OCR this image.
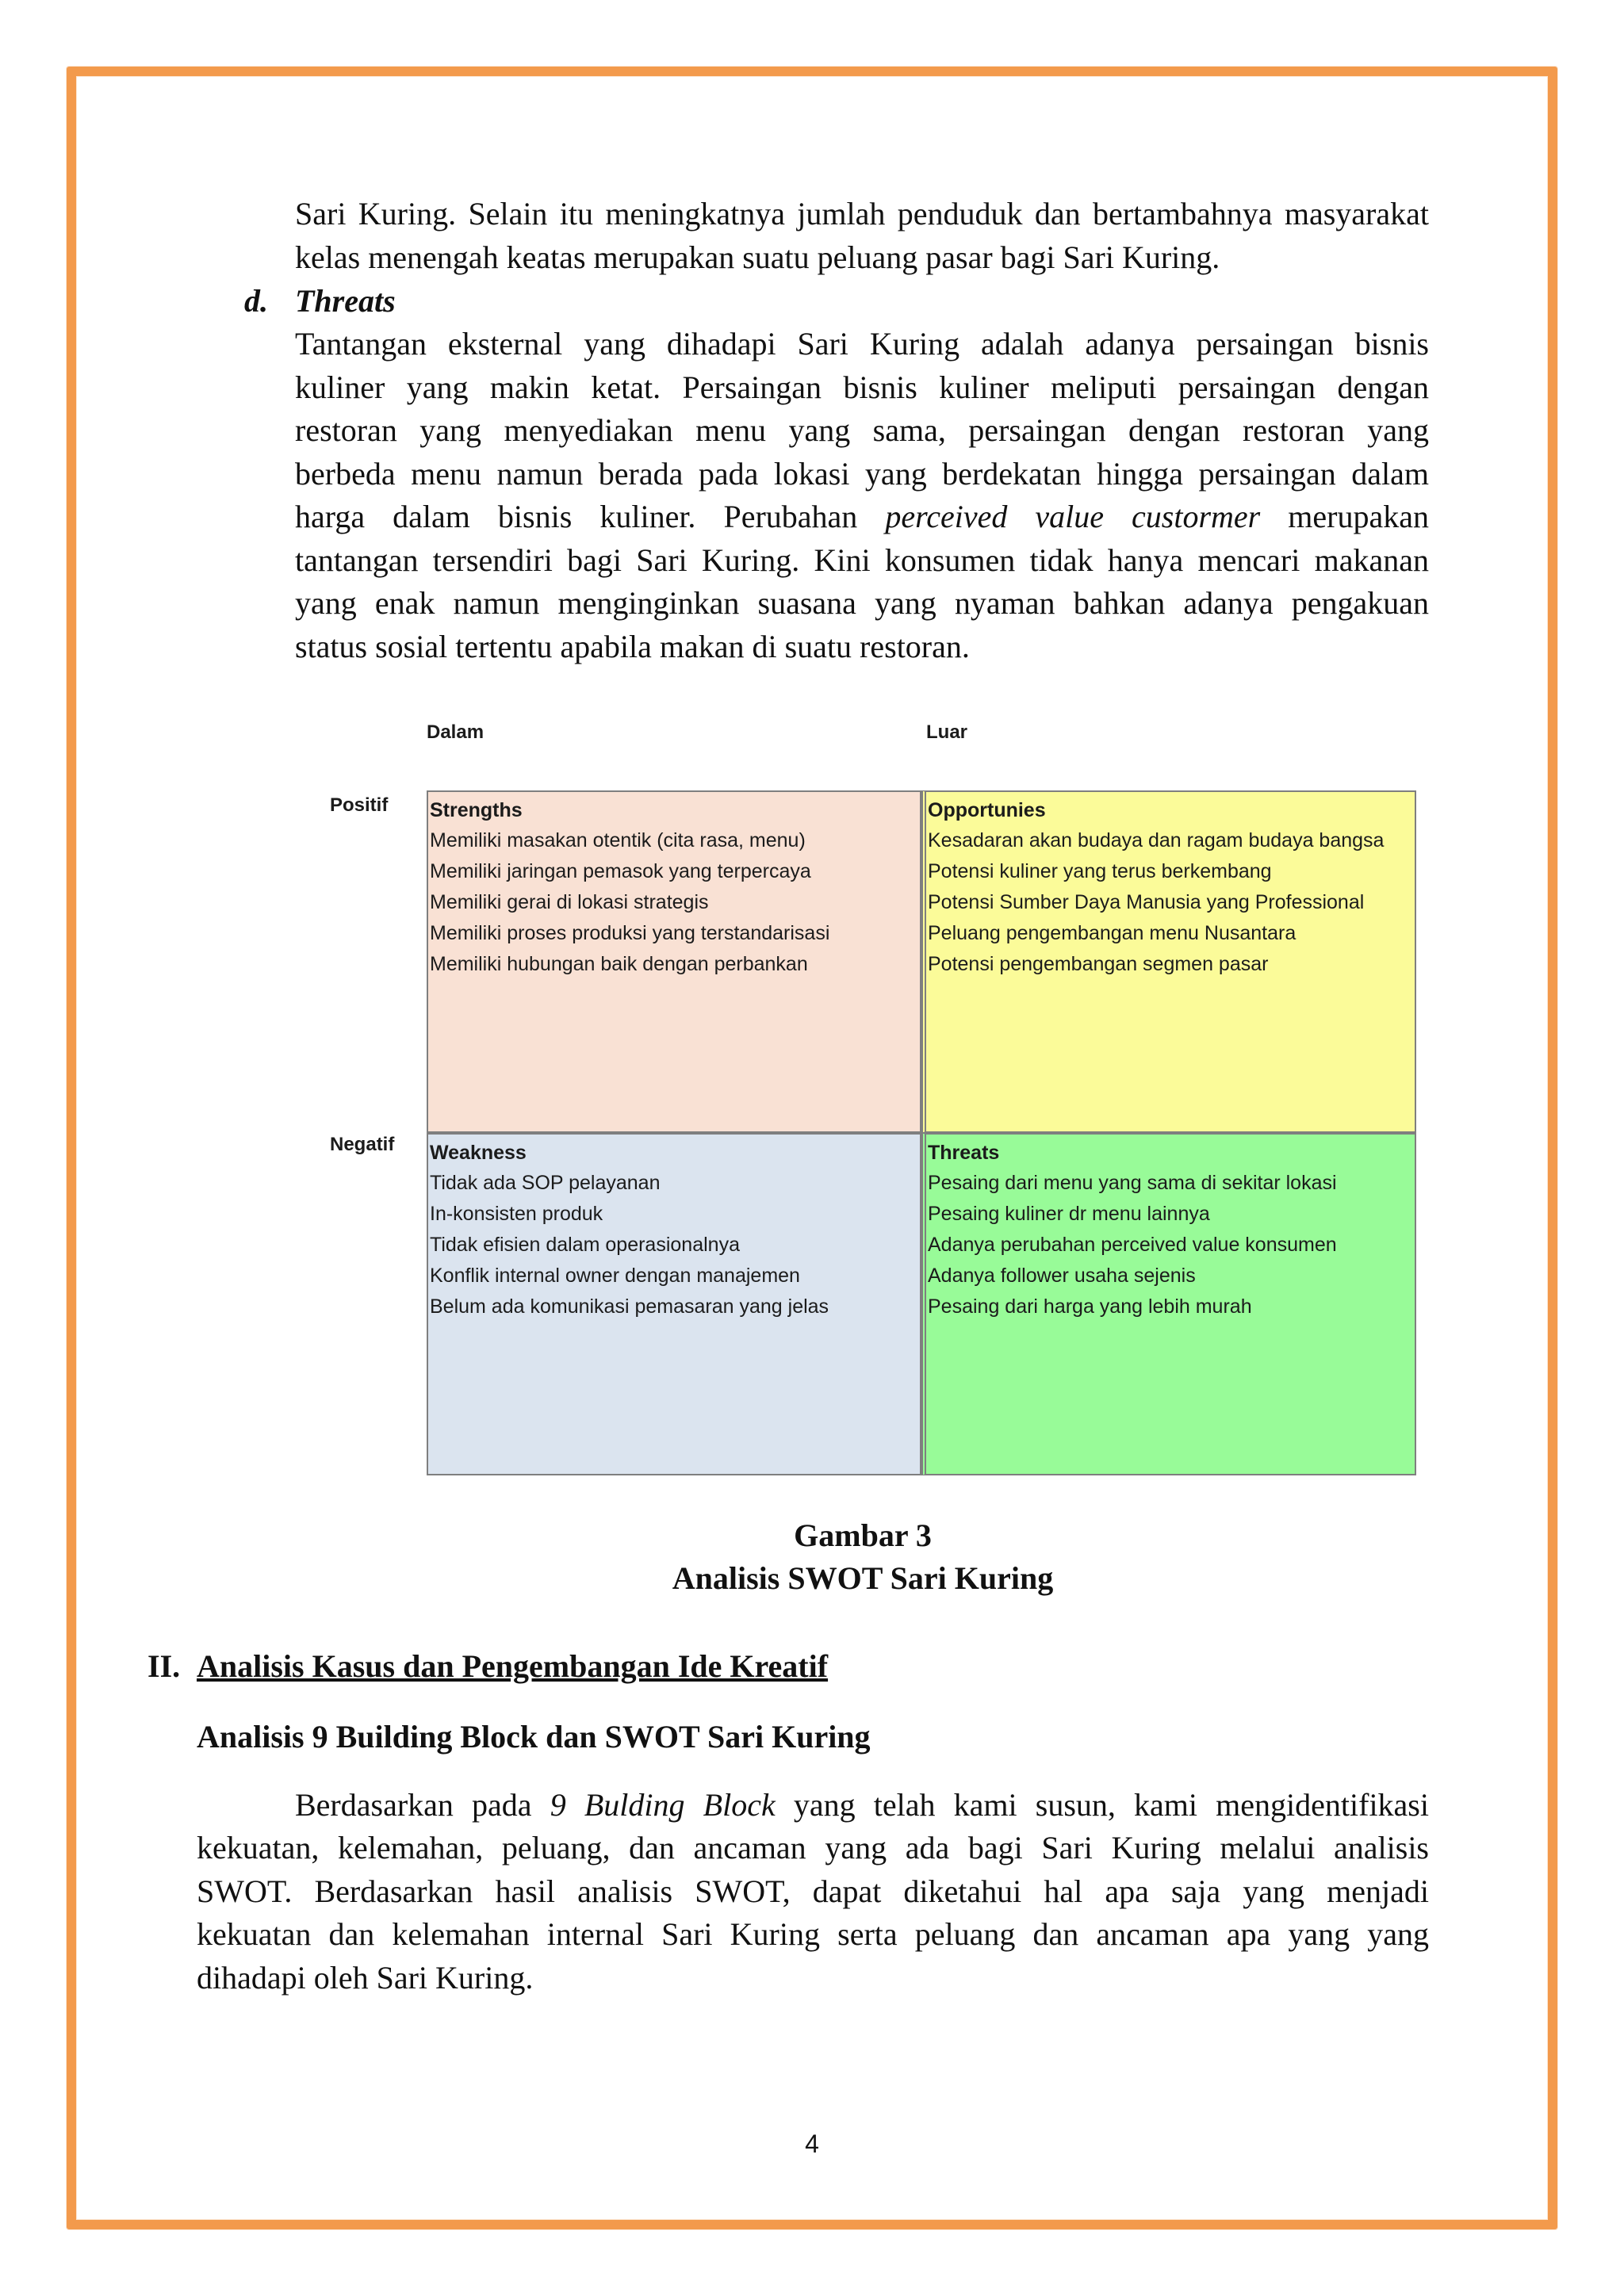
Sari Kuring. Selain itu meningkatnya jumlah penduduk dan bertambahnya masyarakat
kelas menengah keatas merupakan suatu peluang pasar bagi Sari Kuring.
d. Threats
Tantangan eksternal yang dihadapi Sari Kuring adalah adanya persaingan bisnis
kuliner yang makin ketat. Persaingan bisnis kuliner meliputi persaingan dengan
restoran yang menyediakan menu yang sama, persaingan dengan restoran yang
berbeda menu namun berada pada lokasi yang berdekatan hingga persaingan dalam
harga dalam bisnis kuliner. Perubahan perceived value custormer merupakan
tantangan tersendiri bagi Sari Kuring. Kini konsumen tidak hanya mencari makanan
yang enak namun menginginkan suasana yang nyaman bahkan adanya pengakuan
status sosial tertentu apabila makan di suatu restoran.
Dalam	Luar
Positif
Negatif

Strengths

Memiliki masakan otentik (cita rasa, menu)
Memiliki jaringan pemasok yang terpercaya
Memiliki gerai di lokasi strategis
Memiliki proses produksi yang terstandarisasi
Memiliki hubungan baik dengan perbankan

Opportunies

Kesadaran akan budaya dan ragam budaya bangsa
Potensi kuliner yang terus berkembang
Potensi Sumber Daya Manusia yang Professional
Peluang pengembangan menu Nusantara
Potensi pengembangan segmen pasar

Weakness

Tidak ada SOP pelayanan
In-konsisten produk
Tidak efisien dalam operasionalnya
Konflik internal owner dengan manajemen
Belum ada komunikasi pemasaran yang jelas

Threats

Pesaing dari menu yang sama di sekitar lokasi
Pesaing kuliner dr menu lainnya
Adanya perubahan perceived value konsumen
Adanya follower usaha sejenis
Pesaing dari harga yang lebih murah
Gambar 3
Analisis SWOT Sari Kuring
II. Analisis Kasus dan Pengembangan Ide Kreatif
Analisis 9 Building Block dan SWOT Sari Kuring
Berdasarkan pada 9 Bulding Block yang telah kami susun, kami mengidentifikasi
kekuatan, kelemahan, peluang, dan ancaman yang ada bagi Sari Kuring melalui analisis
SWOT. Berdasarkan hasil analisis SWOT, dapat diketahui hal apa saja yang menjadi
kekuatan dan kelemahan internal Sari Kuring serta peluang dan ancaman apa yang yang
dihadapi oleh Sari Kuring.
4
